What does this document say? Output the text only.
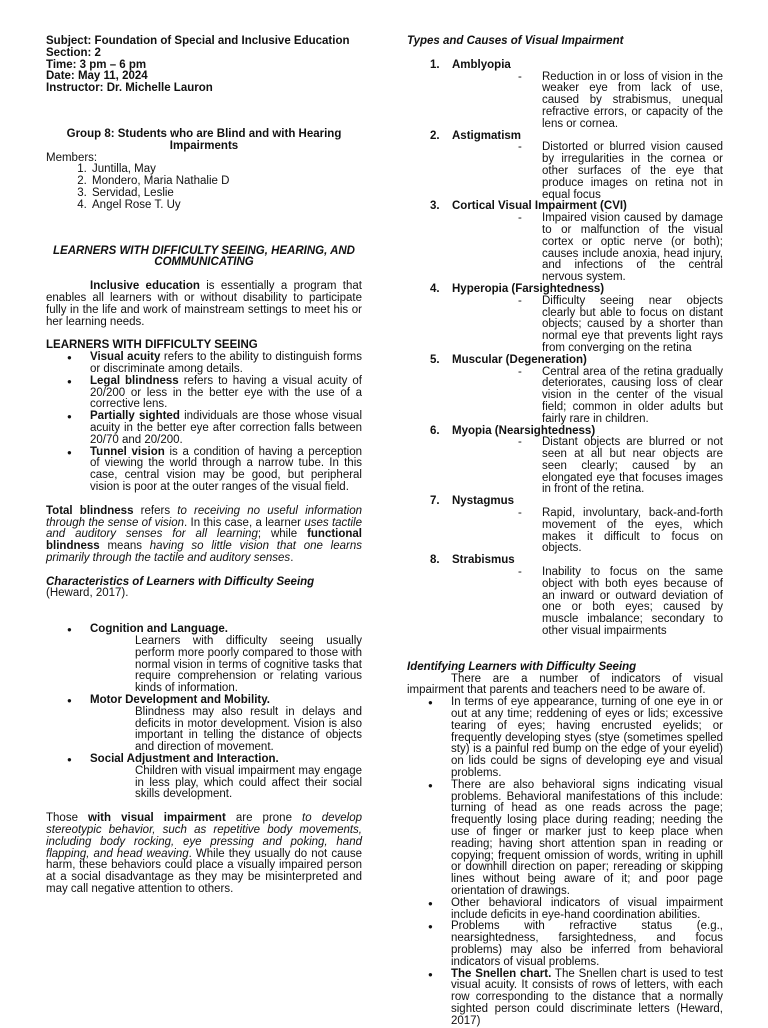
Subject: Foundation of Special and Inclusive Education

Section: 2

Time: 3 pm – 6 pm

Date: May 11, 2024

Instructor: Dr. Michelle Lauron

Group 8: Students who are Blind and with Hearing Impairments

Members:

1. Juntilla, May
2. Mondero, Maria Nathalie D
3. Servidad, Leslie
4. Angel Rose T. Uy

LEARNERS WITH DIFFICULTY SEEING, HEARING, AND COMMUNICATING

Inclusive education is essentially a program that enables all learners with or without disability to participate fully in the life and work of mainstream settings to meet his or her learning needs.

LEARNERS WITH DIFFICULTY SEEING

● Visual acuity refers to the ability to distinguish forms or discriminate among details.
● Legal blindness refers to having a visual acuity of 20/200 or less in the better eye with the use of a corrective lens.
● Partially sighted individuals are those whose visual acuity in the better eye after correction falls between 20/70 and 20/200.
● Tunnel vision is a condition of having a perception of viewing the world through a narrow tube. In this case, central vision may be good, but peripheral vision is poor at the outer ranges of the visual field.

Total blindness refers to receiving no useful information through the sense of vision. In this case, a learner uses tactile and auditory senses for all learning; while functional blindness means having so little vision that one learns primarily through the tactile and auditory senses.

Characteristics of Learners with Difficulty Seeing (Heward, 2017).

● Cognition and Language.

Learners with difficulty seeing usually perform more poorly compared to those with normal vision in terms of cognitive tasks that require comprehension or relating various kinds of information.

● Motor Development and Mobility.

Blindness may also result in delays and deficits in motor development. Vision is also important in telling the distance of objects and direction of movement.

● Social Adjustment and Interaction.

Children with visual impairment may engage in less play, which could affect their social skills development.

Those with visual impairment are prone to develop stereotypic behavior, such as repetitive body movements, including body rocking, eye pressing and poking, hand flapping, and head weaving. While they usually do not cause harm, these behaviors could place a visually impaired person at a social disadvantage as they may be misinterpreted and may call negative attention to others.

Types and Causes of Visual Impairment

1. Amblyopia

- Reduction in or loss of vision in the weaker eye from lack of use, caused by strabismus, unequal refractive errors, or capacity of the lens or cornea.

2. Astigmatism

- Distorted or blurred vision caused by irregularities in the cornea or other surfaces of the eye that produce images on retina not in equal focus

3. Cortical Visual Impairment (CVI)

- Impaired vision caused by damage to or malfunction of the visual cortex or optic nerve (or both); causes include anoxia, head injury, and infections of the central nervous system.

4. Hyperopia (Farsightedness)

- Difficulty seeing near objects clearly but able to focus on distant objects; caused by a shorter than normal eye that prevents light rays from converging on the retina

5. Muscular (Degeneration)

- Central area of the retina gradually deteriorates, causing loss of clear vision in the center of the visual field; common in older adults but fairly rare in children.

6. Myopia (Nearsightedness)

- Distant objects are blurred or not seen at all but near objects are seen clearly; caused by an elongated eye that focuses images in front of the retina.

7. Nystagmus

- Rapid, involuntary, back-and-forth movement of the eyes, which makes it difficult to focus on objects.

8. Strabismus

- Inability to focus on the same object with both eyes because of an inward or outward deviation of one or both eyes; caused by muscle imbalance; secondary to other visual impairments

Identifying Learners with Difficulty Seeing

There are a number of indicators of visual impairment that parents and teachers need to be aware of.

● In terms of eye appearance, turning of one eye in or out at any time; reddening of eyes or lids; excessive tearing of eyes; having encrusted eyelids; or frequently developing styes (stye (sometimes spelled sty) is a painful red bump on the edge of your eyelid) on lids could be signs of developing eye and visual problems.
● There are also behavioral signs indicating visual problems. Behavioral manifestations of this include: turning of head as one reads across the page; frequently losing place during reading; needing the use of finger or marker just to keep place when reading; having short attention span in reading or copying; frequent omission of words, writing in uphill or downhill direction on paper; rereading or skipping lines without being aware of it; and poor page orientation of drawings.
● Other behavioral indicators of visual impairment include deficits in eye-hand coordination abilities.
● Problems with refractive status (e.g., nearsightedness, farsightedness, and focus problems) may also be inferred from behavioral indicators of visual problems.
● The Snellen chart. The Snellen chart is used to test visual acuity. It consists of rows of letters, with each row corresponding to the distance that a normally sighted person could discriminate letters (Heward, 2017)
